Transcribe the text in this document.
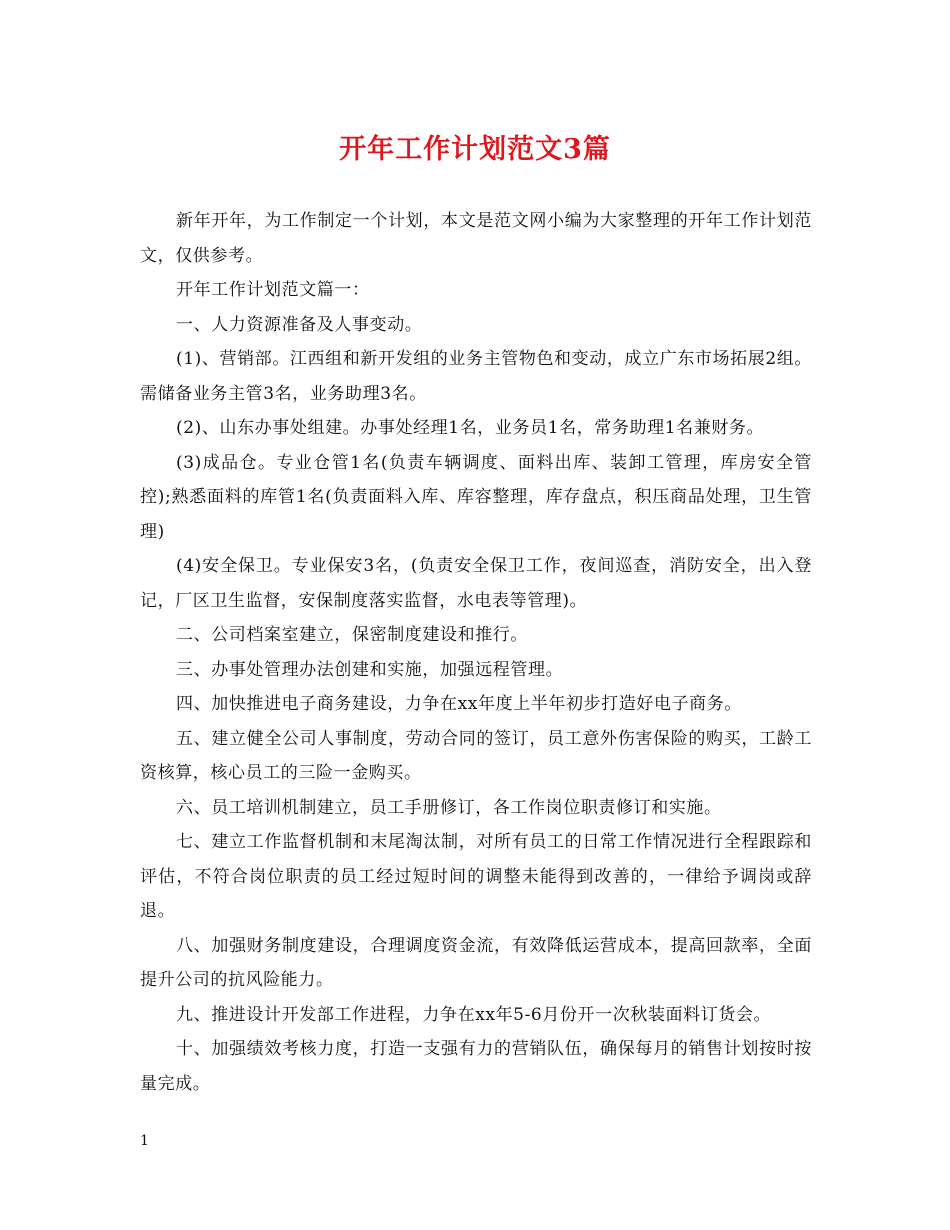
开年工作计划范文3篇

新年开年，为工作制定一个计划，本文是范文网小编为大家整理的开年工作计划范文，仅供参考。

开年工作计划范文篇一：

一、人力资源准备及人事变动。

(1)、营销部。江西组和新开发组的业务主管物色和变动，成立广东市场拓展2组。需储备业务主管3名，业务助理3名。

(2)、山东办事处组建。办事处经理1名，业务员1名，常务助理1名兼财务。

(3)成品仓。专业仓管1名(负责车辆调度、面料出库、装卸工管理，库房安全管控);熟悉面料的库管1名(负责面料入库、库容整理，库存盘点，积压商品处理，卫生管理)

(4)安全保卫。专业保安3名，(负责安全保卫工作，夜间巡查，消防安全，出入登记，厂区卫生监督，安保制度落实监督，水电表等管理)。

二、公司档案室建立，保密制度建设和推行。

三、办事处管理办法创建和实施，加强远程管理。

四、加快推进电子商务建设，力争在xx年度上半年初步打造好电子商务。

五、建立健全公司人事制度，劳动合同的签订，员工意外伤害保险的购买，工龄工资核算，核心员工的三险一金购买。

六、员工培训机制建立，员工手册修订，各工作岗位职责修订和实施。

七、建立工作监督机制和末尾淘汰制，对所有员工的日常工作情况进行全程跟踪和评估，不符合岗位职责的员工经过短时间的调整未能得到改善的，一律给予调岗或辞退。

八、加强财务制度建设，合理调度资金流，有效降低运营成本，提高回款率，全面提升公司的抗风险能力。

九、推进设计开发部工作进程，力争在xx年5-6月份开一次秋装面料订货会。

十、加强绩效考核力度，打造一支强有力的营销队伍，确保每月的销售计划按时按量完成。

1
